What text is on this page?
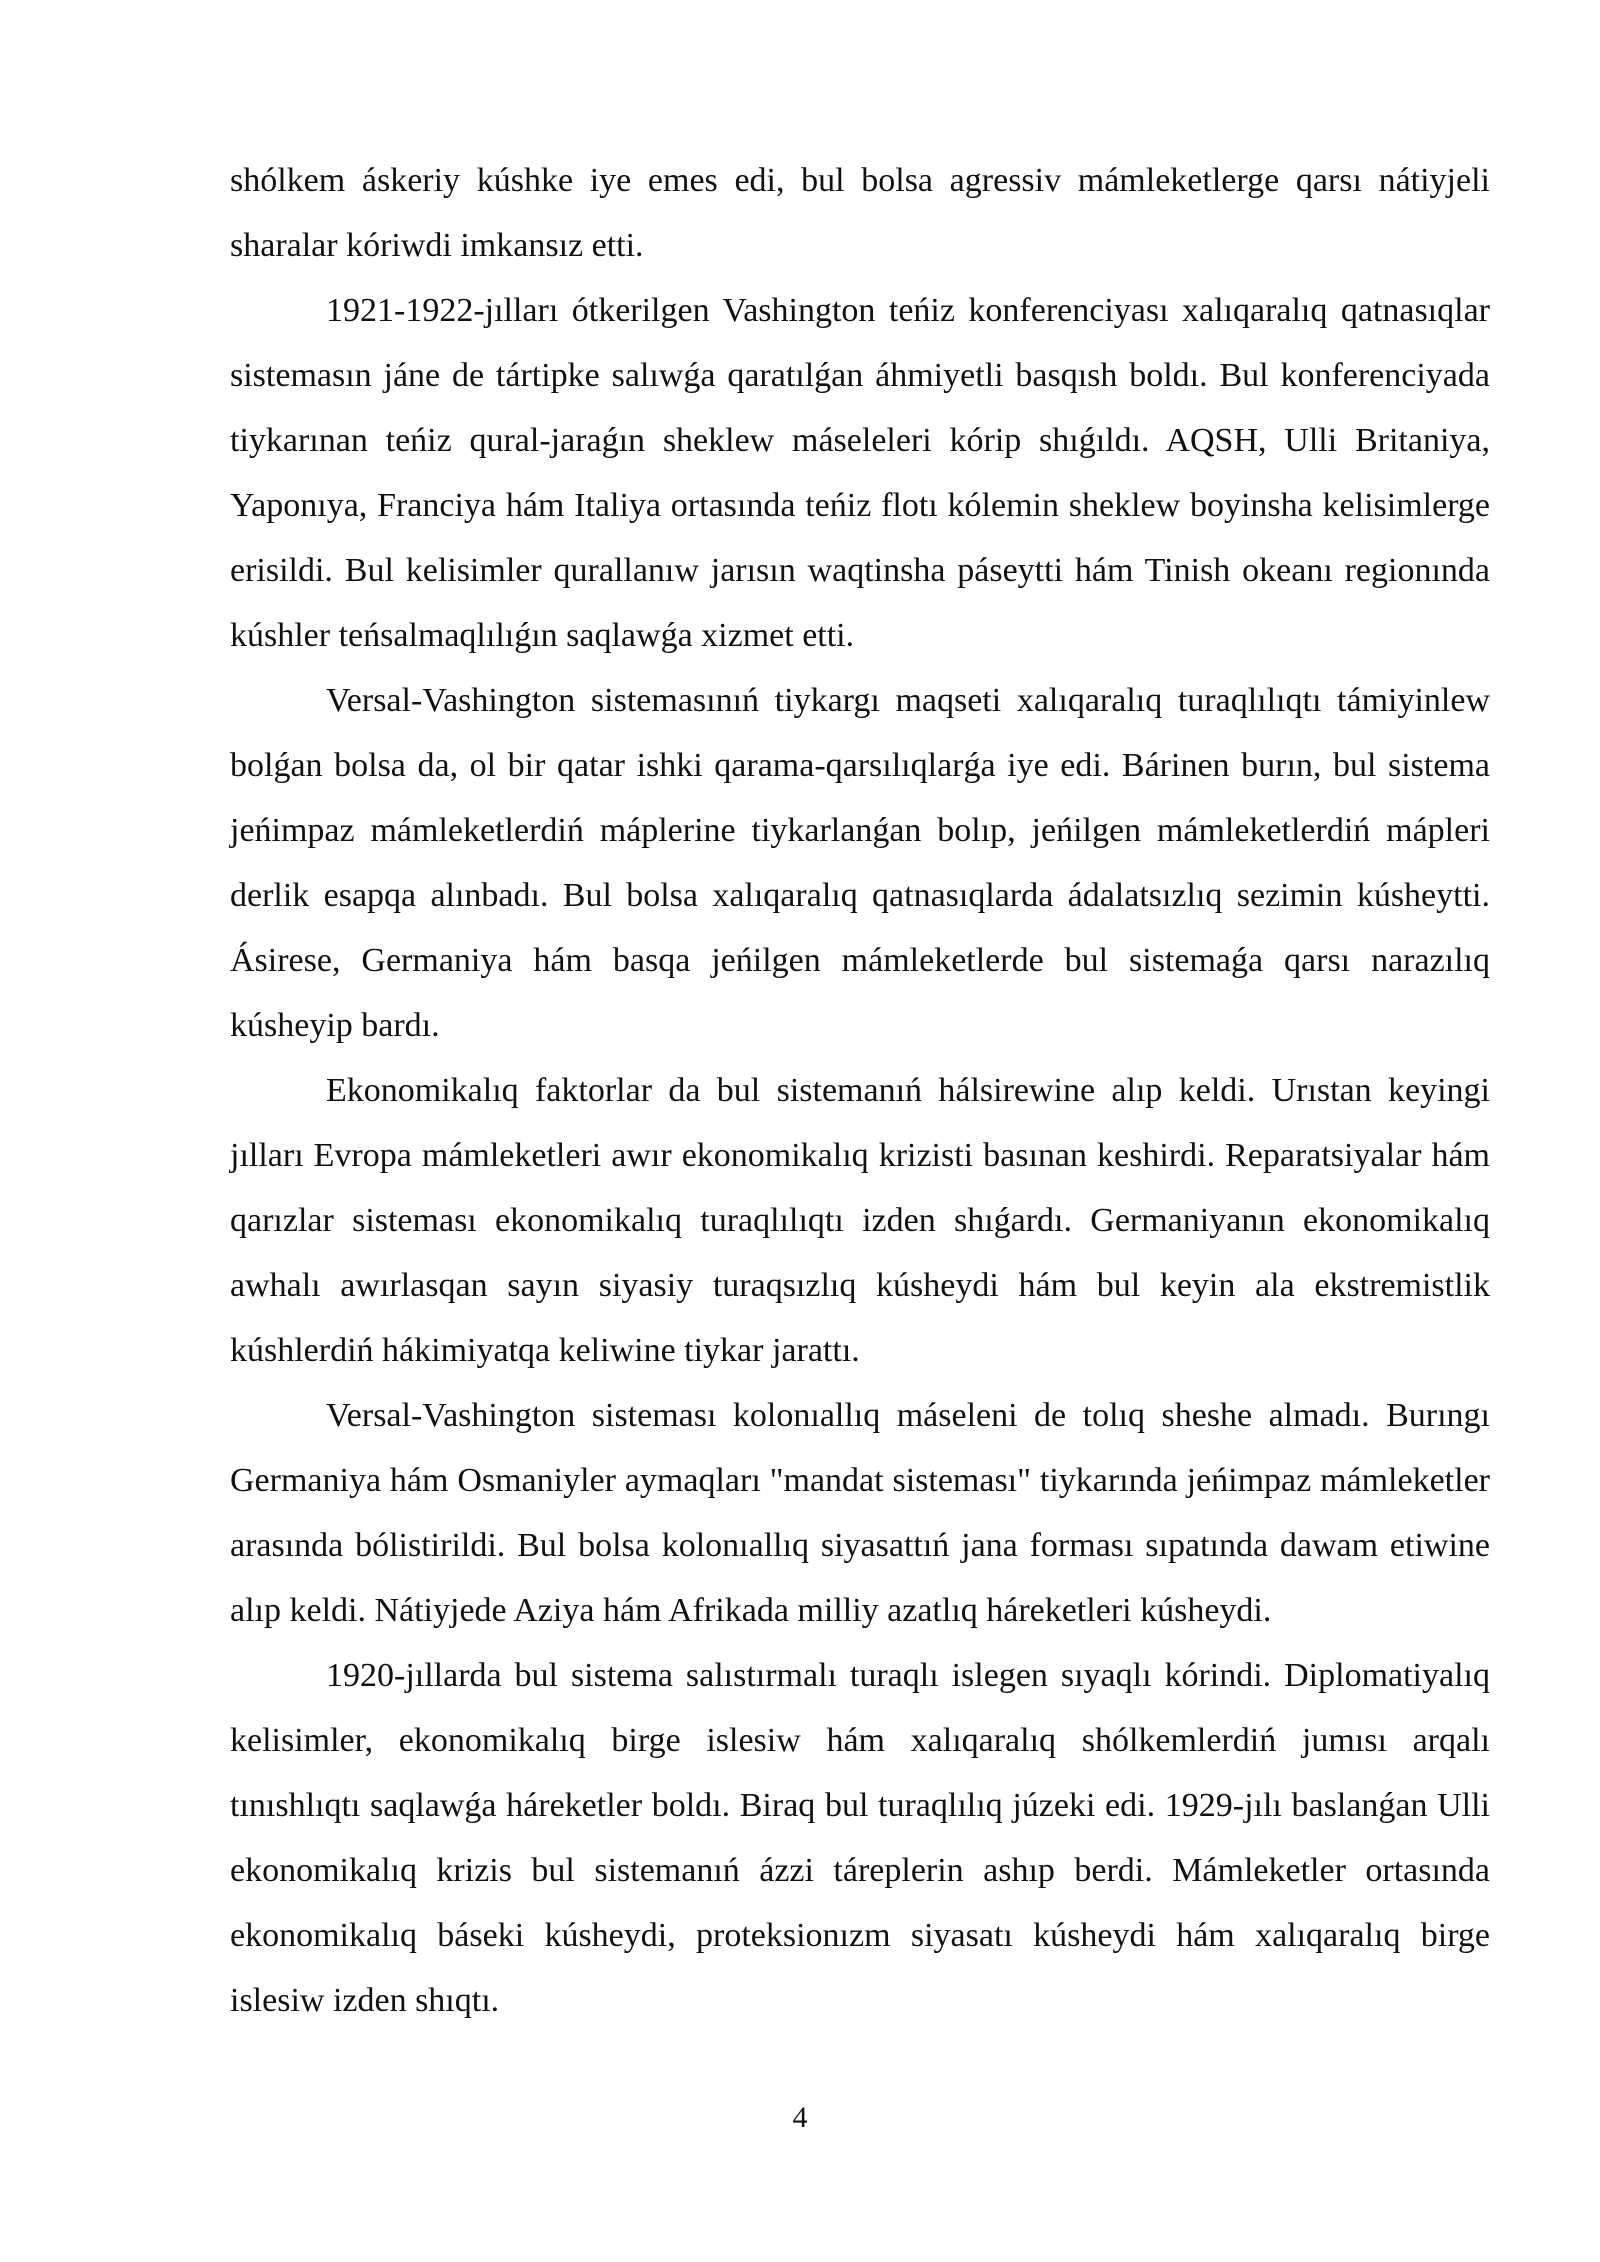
shólkem áskeriy kúshke iye emes edi, bul bolsa agressiv mámleketlerge qarsı nátiyjeli sharalar kóriwdi imkansız etti.

1921-1922-jılları ótkerilgen Vashington teńiz konferenciyası xalıqaralıq qatnasıqlar sistemasın jáne de tártipke salıwǵa qaratılǵan áhmiyetli basqısh boldı. Bul konferenciyada tiykarınan teńiz qural-jaraǵın sheklew máseleleri kórip shıǵıldı. AQSH, Ulli Britaniya, Yaponıya, Franciya hám Italiya ortasında teńiz flotı kólemin sheklew boyinsha kelisimlerge erisildi. Bul kelisimler qurallanıw jarısın waqtinsha páseytti hám Tinish okeanı regionında kúshler teńsalmaqlılıǵın saqlawǵa xizmet etti.

Versal-Vashington sistemasınıń tiykargı maqseti xalıqaralıq turaqlılıqtı támiyinlew bolǵan bolsa da, ol bir qatar ishki qarama-qarsılıqlarǵa iye edi. Bárinen burın, bul sistema jeńimpaz mámleketlerdiń máplerine tiykarlanǵan bolıp, jeńilgen mámleketlerdiń mápleri derlik esapqa alınbadı. Bul bolsa xalıqaralıq qatnasıqlarda ádalatsızlıq sezimin kúsheytti. Ásirese, Germaniya hám basqa jeńilgen mámleketlerde bul sistemaǵa qarsı narazılıq kúsheyip bardı.

Ekonomikalıq faktorlar da bul sistemanıń hálsirewine alıp keldi. Urıstan keyingi jılları Evropa mámleketleri awır ekonomikalıq krizisti basınan keshirdi. Reparatsiyalar hám qarızlar sisteması ekonomikalıq turaqlılıqtı izden shıǵardı. Germaniyanın ekonomikalıq awhalı awırlasqan sayın siyasiy turaqsızlıq kúsheydi hám bul keyin ala ekstremistlik kúshlerdiń hákimiyatqa keliwine tiykar jarattı.

Versal-Vashington sisteması kolonıallıq máseleni de tolıq sheshe almadı. Burıngı Germaniya hám Osmaniyler aymaqları "mandat sisteması" tiykarında jeńimpaz mámleketler arasında bólistirildi. Bul bolsa kolonıallıq siyasattıń jana forması sıpatında dawam etiwine alıp keldi. Nátiyjede Aziya hám Afrikada milliy azatlıq háreketleri kúsheydi.

1920-jıllarda bul sistema salıstırmalı turaqlı islegen sıyaqlı kórindi. Diplomatiyalıq kelisimler, ekonomikalıq birge islesiw hám xalıqaralıq shólkemlerdiń jumısı arqalı tınıshlıqtı saqlawǵa háreketler boldı. Biraq bul turaqlılıq júzeki edi. 1929-jılı baslanǵan Ulli ekonomikalıq krizis bul sistemanıń ázzi táreplerin ashıp berdi. Mámleketler ortasında ekonomikalıq báseki kúsheydi, proteksionızm siyasatı kúsheydi hám xalıqaralıq birge islesiw izden shıqtı.

4
